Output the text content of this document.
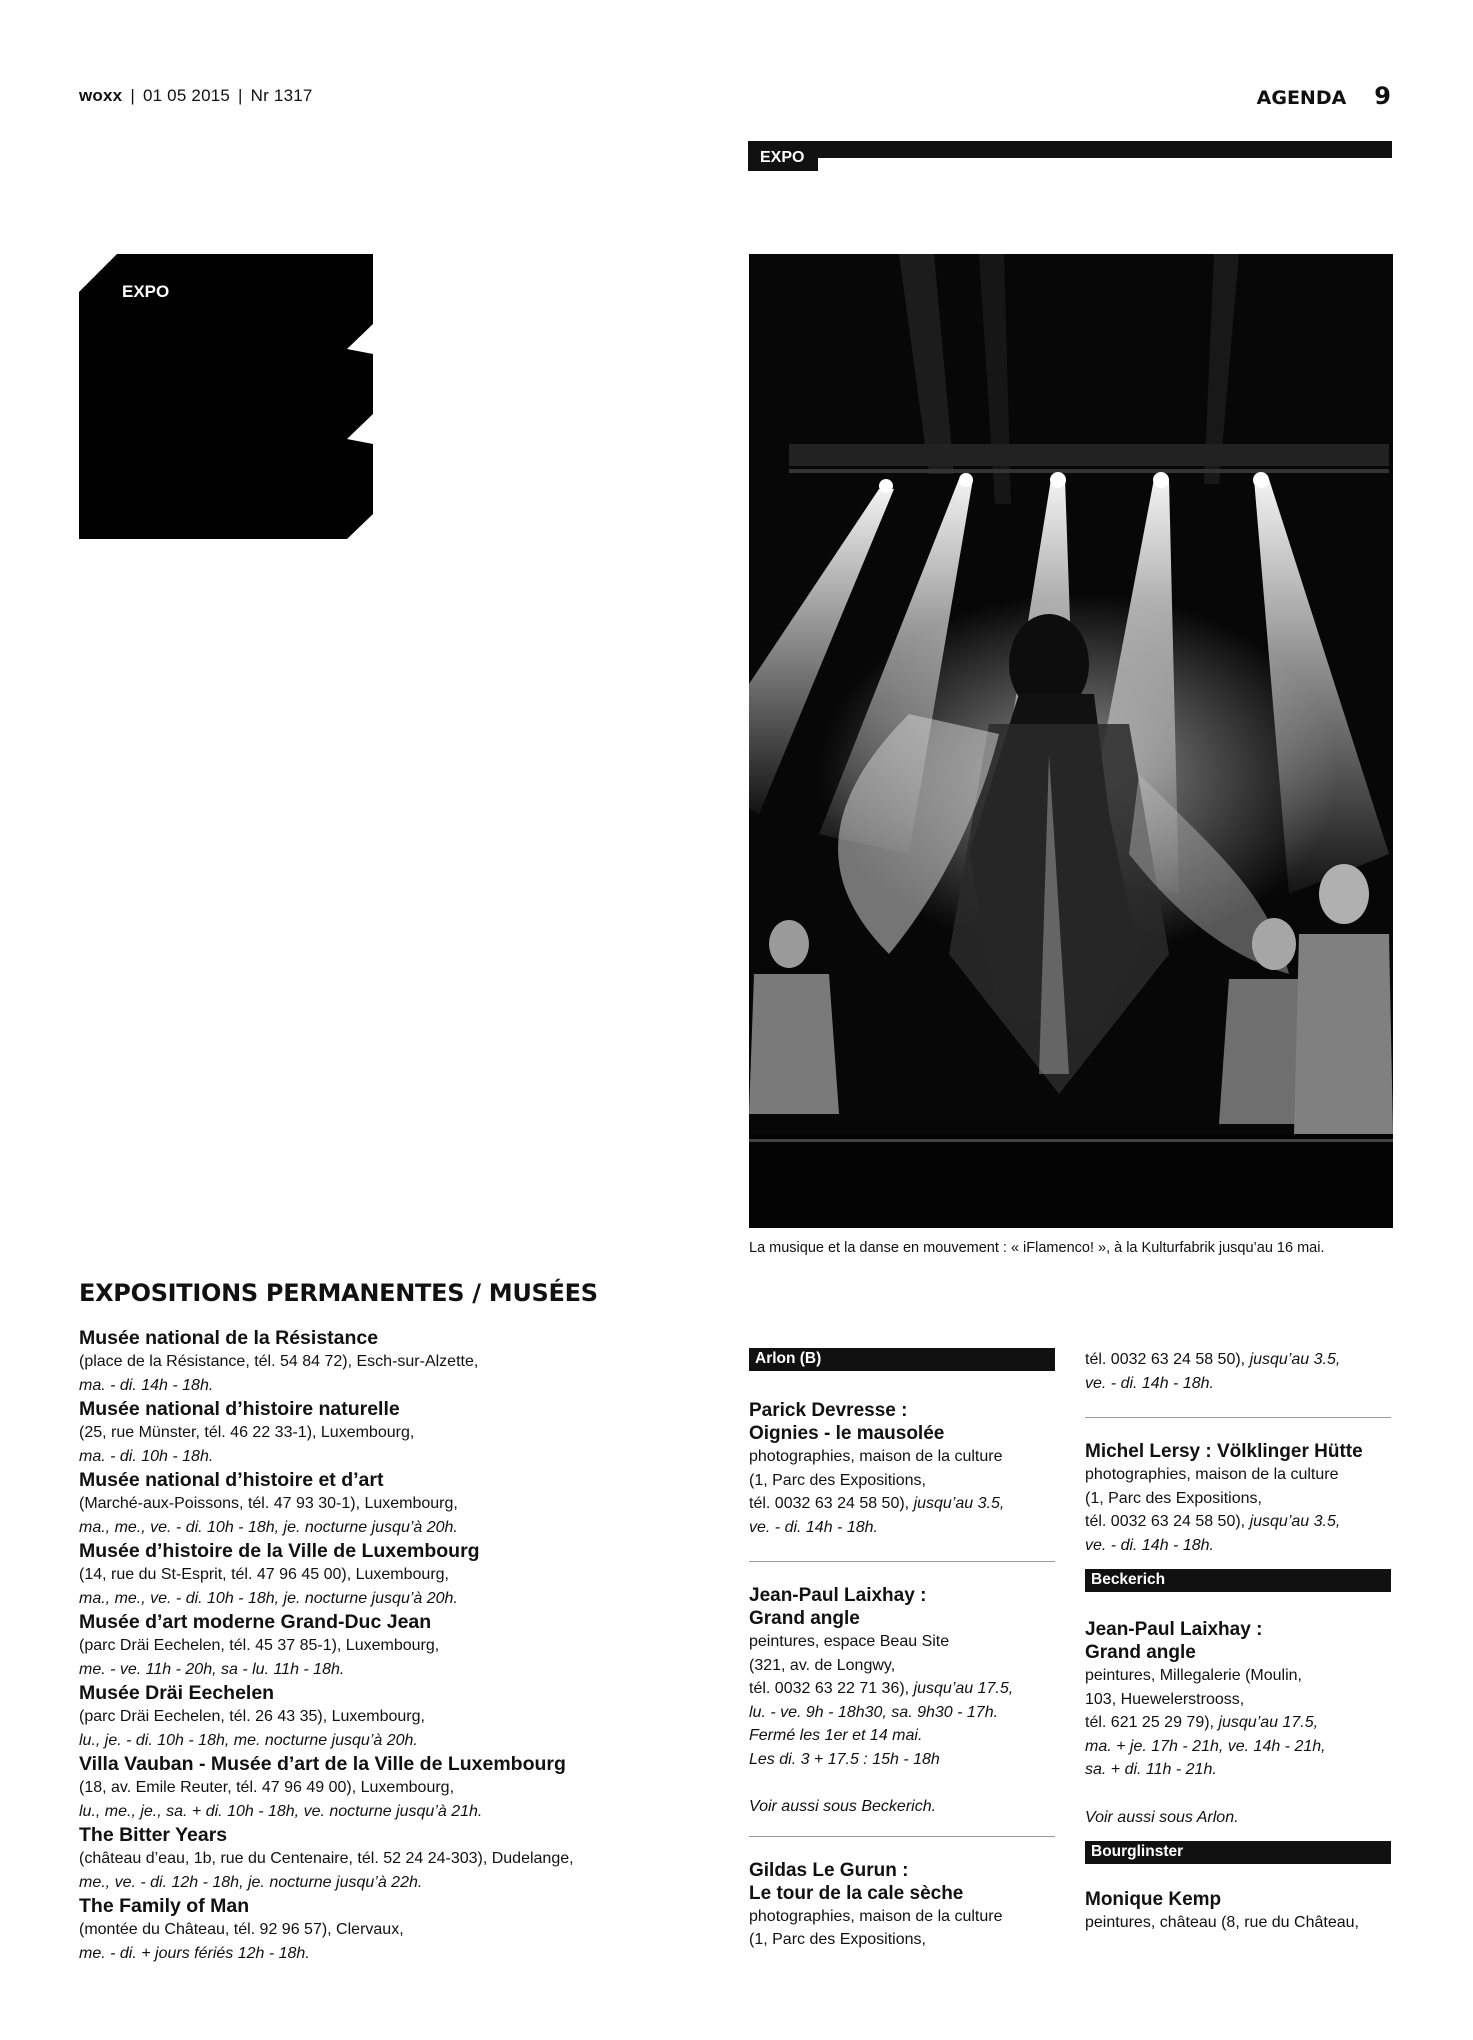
woxx | 01 05 2015 | Nr 1317	AGENDA 9
EXPO
EXPO
La musique et la danse en mouvement : « iFlamenco! », à la Kulturfabrik jusqu’au 16 mai.
EXPOSITIONS PERMANENTES / MUSÉES
Musée national de la Résistance
(place de la Résistance, tél. 54 84 72), Esch-sur-Alzette,
ma. - di. 14h - 18h.
Musée national d’histoire naturelle
(25, rue Münster, tél. 46 22 33-1), Luxembourg,
ma. - di. 10h - 18h.
Musée national d’histoire et d’art
(Marché-aux-Poissons, tél. 47 93 30-1), Luxembourg,
ma., me., ve. - di. 10h - 18h, je. nocturne jusqu’à 20h.
Musée d’histoire de la Ville de Luxembourg
(14, rue du St-Esprit, tél. 47 96 45 00), Luxembourg,
ma., me., ve. - di. 10h - 18h, je. nocturne jusqu’à 20h.
Musée d’art moderne Grand-Duc Jean
(parc Dräi Eechelen, tél. 45 37 85-1), Luxembourg,
me. - ve. 11h - 20h, sa - lu. 11h - 18h.
Musée Dräi Eechelen
(parc Dräi Eechelen, tél. 26 43 35), Luxembourg,
lu., je. - di. 10h - 18h, me. nocturne jusqu’à 20h.
Villa Vauban - Musée d’art de la Ville de Luxembourg
(18, av. Emile Reuter, tél. 47 96 49 00), Luxembourg,
lu., me., je., sa. + di. 10h - 18h, ve. nocturne jusqu’à 21h.
The Bitter Years
(château d’eau, 1b, rue du Centenaire, tél. 52 24 24-303), Dudelange,
me., ve. - di. 12h - 18h, je. nocturne jusqu’à 22h.
The Family of Man
(montée du Château, tél. 92 96 57), Clervaux,
me. - di. + jours fériés 12h - 18h.
Arlon (B)
Parick Devresse :
Oignies - le mausolée
photographies, maison de la culture
(1, Parc des Expositions,
tél. 0032 63 24 58 50), jusqu’au 3.5,
ve. - di. 14h - 18h.
Jean-Paul Laixhay :
Grand angle
peintures, espace Beau Site
(321, av. de Longwy,
tél. 0032 63 22 71 36), jusqu’au 17.5,
lu. - ve. 9h - 18h30, sa. 9h30 - 17h.
Fermé les 1er et 14 mai.
Les di. 3 + 17.5 : 15h - 18h
Voir aussi sous Beckerich.
Gildas Le Gurun :
Le tour de la cale sèche
photographies, maison de la culture
(1, Parc des Expositions,
tél. 0032 63 24 58 50), jusqu’au 3.5,
ve. - di. 14h - 18h.
Michel Lersy : Völklinger Hütte
photographies, maison de la culture
(1, Parc des Expositions,
tél. 0032 63 24 58 50), jusqu’au 3.5,
ve. - di. 14h - 18h.
Beckerich
Jean-Paul Laixhay :
Grand angle
peintures, Millegalerie (Moulin,
103, Huewelerstrooss,
tél. 621 25 29 79), jusqu’au 17.5,
ma. + je. 17h - 21h, ve. 14h - 21h,
sa. + di. 11h - 21h.
Voir aussi sous Arlon.
Bourglinster
Monique Kemp
peintures, château (8, rue du Château,
